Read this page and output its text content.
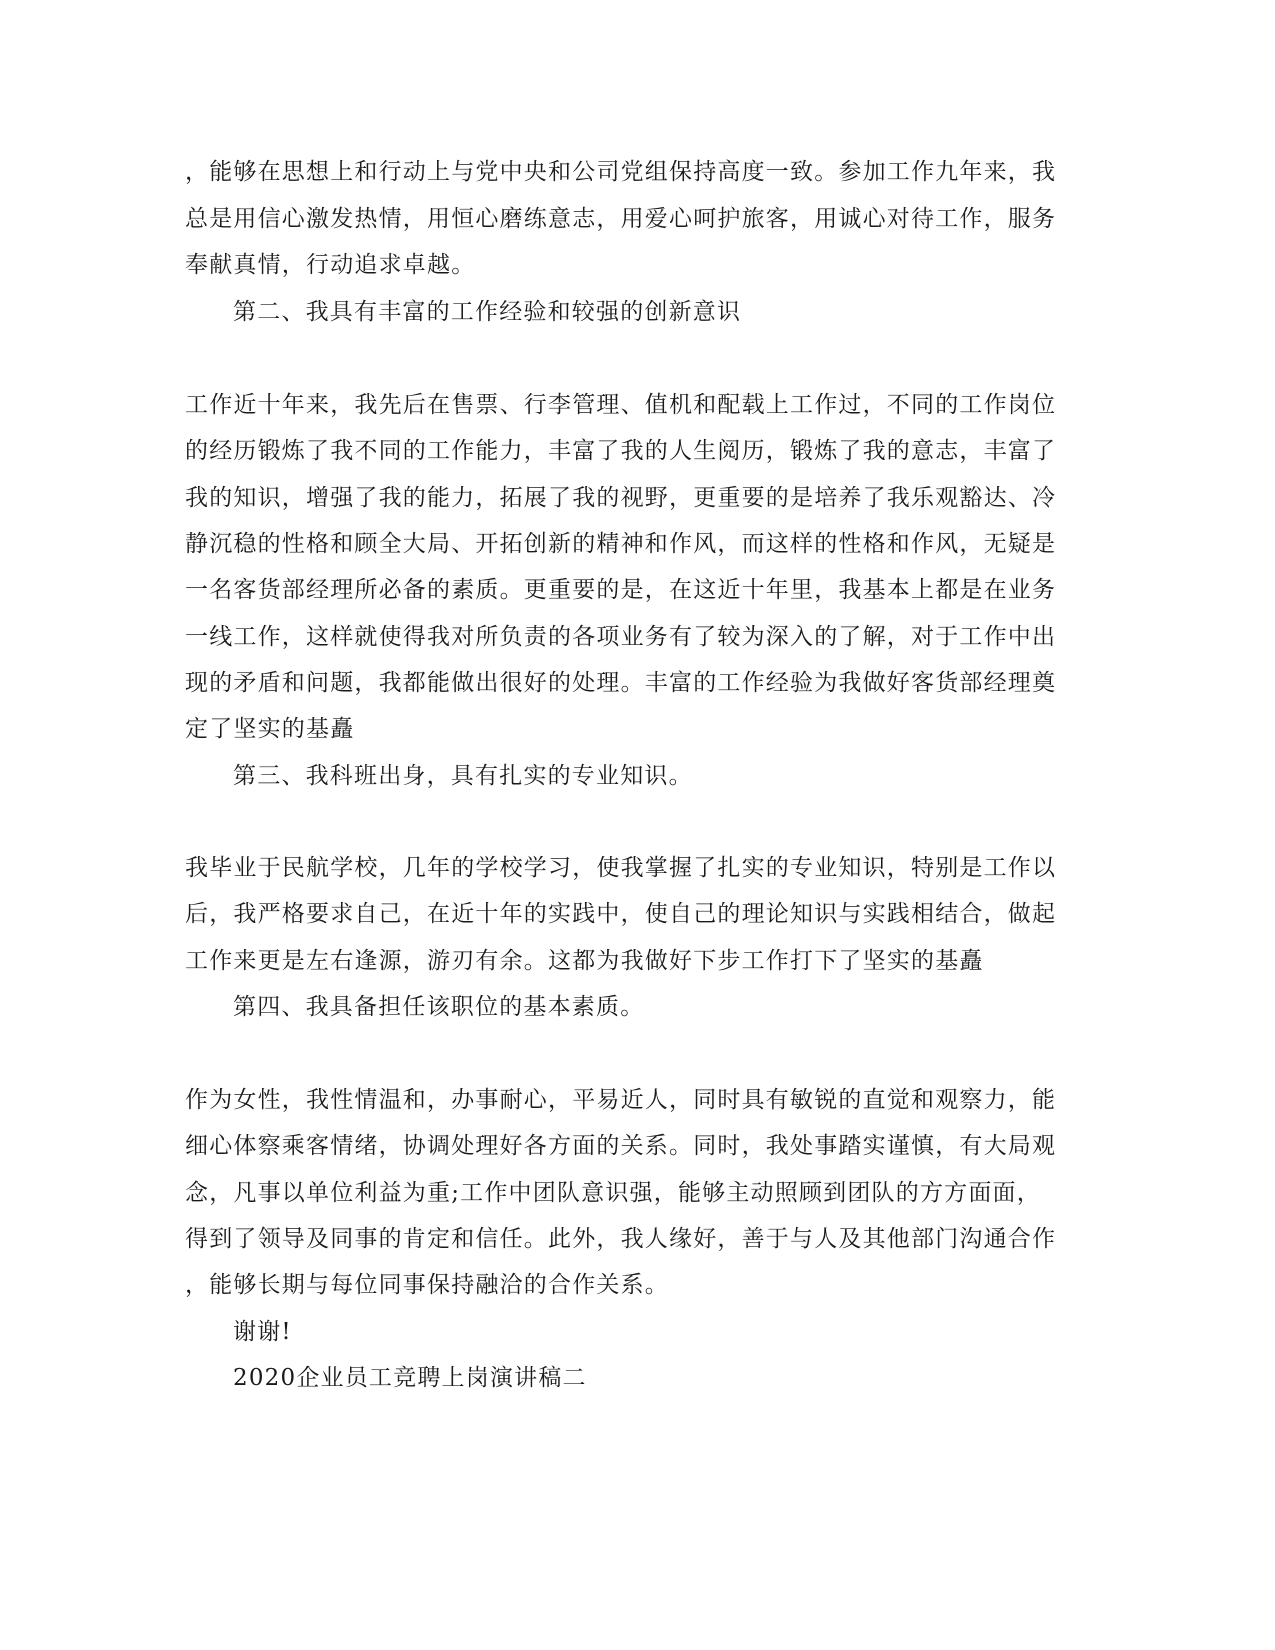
，能够在思想上和行动上与党中央和公司党组保持高度一致。参加工作九年来，我
总是用信心激发热情，用恒心磨练意志，用爱心呵护旅客，用诚心对待工作，服务
奉献真情，行动追求卓越。
第二、我具有丰富的工作经验和较强的创新意识
工作近十年来，我先后在售票、行李管理、值机和配载上工作过，不同的工作岗位
的经历锻炼了我不同的工作能力，丰富了我的人生阅历，锻炼了我的意志，丰富了
我的知识，增强了我的能力，拓展了我的视野，更重要的是培养了我乐观豁达、冷
静沉稳的性格和顾全大局、开拓创新的精神和作风，而这样的性格和作风，无疑是
一名客货部经理所必备的素质。更重要的是，在这近十年里，我基本上都是在业务
一线工作，这样就使得我对所负责的各项业务有了较为深入的了解，对于工作中出
现的矛盾和问题，我都能做出很好的处理。丰富的工作经验为我做好客货部经理奠
定了坚实的基矗
第三、我科班出身，具有扎实的专业知识。
我毕业于民航学校，几年的学校学习，使我掌握了扎实的专业知识，特别是工作以
后，我严格要求自己，在近十年的实践中，使自己的理论知识与实践相结合，做起
工作来更是左右逢源，游刃有余。这都为我做好下步工作打下了坚实的基矗
第四、我具备担任该职位的基本素质。
作为女性，我性情温和，办事耐心，平易近人，同时具有敏锐的直觉和观察力，能
细心体察乘客情绪，协调处理好各方面的关系。同时，我处事踏实谨慎，有大局观
念，凡事以单位利益为重;工作中团队意识强，能够主动照顾到团队的方方面面，
得到了领导及同事的肯定和信任。此外，我人缘好，善于与人及其他部门沟通合作
，能够长期与每位同事保持融洽的合作关系。
谢谢!
2020企业员工竞聘上岗演讲稿二
